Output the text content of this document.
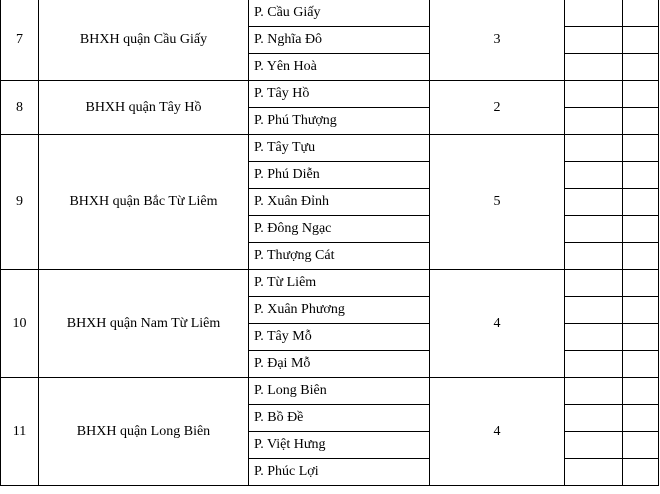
7	BHXH quận Cầu Giấy	P. Cầu Giấy	3		
		P. Nghĩa Đô			
		P. Yên Hoà			
8	BHXH quận Tây Hồ	P. Tây Hồ	2		
		P. Phú Thượng			
9	BHXH quận Bắc Từ Liêm	P. Tây Tựu	5		
		P. Phú Diễn			
		P. Xuân Đỉnh			
		P. Đông Ngạc			
		P. Thượng Cát			
10	BHXH quận Nam Từ Liêm	P. Từ Liêm	4		
		P. Xuân Phương			
		P. Tây Mỗ			
		P. Đại Mỗ			
11	BHXH quận Long Biên	P. Long Biên	4		
		P. Bồ Đề			
		P. Việt Hưng			
		P. Phúc Lợi			
